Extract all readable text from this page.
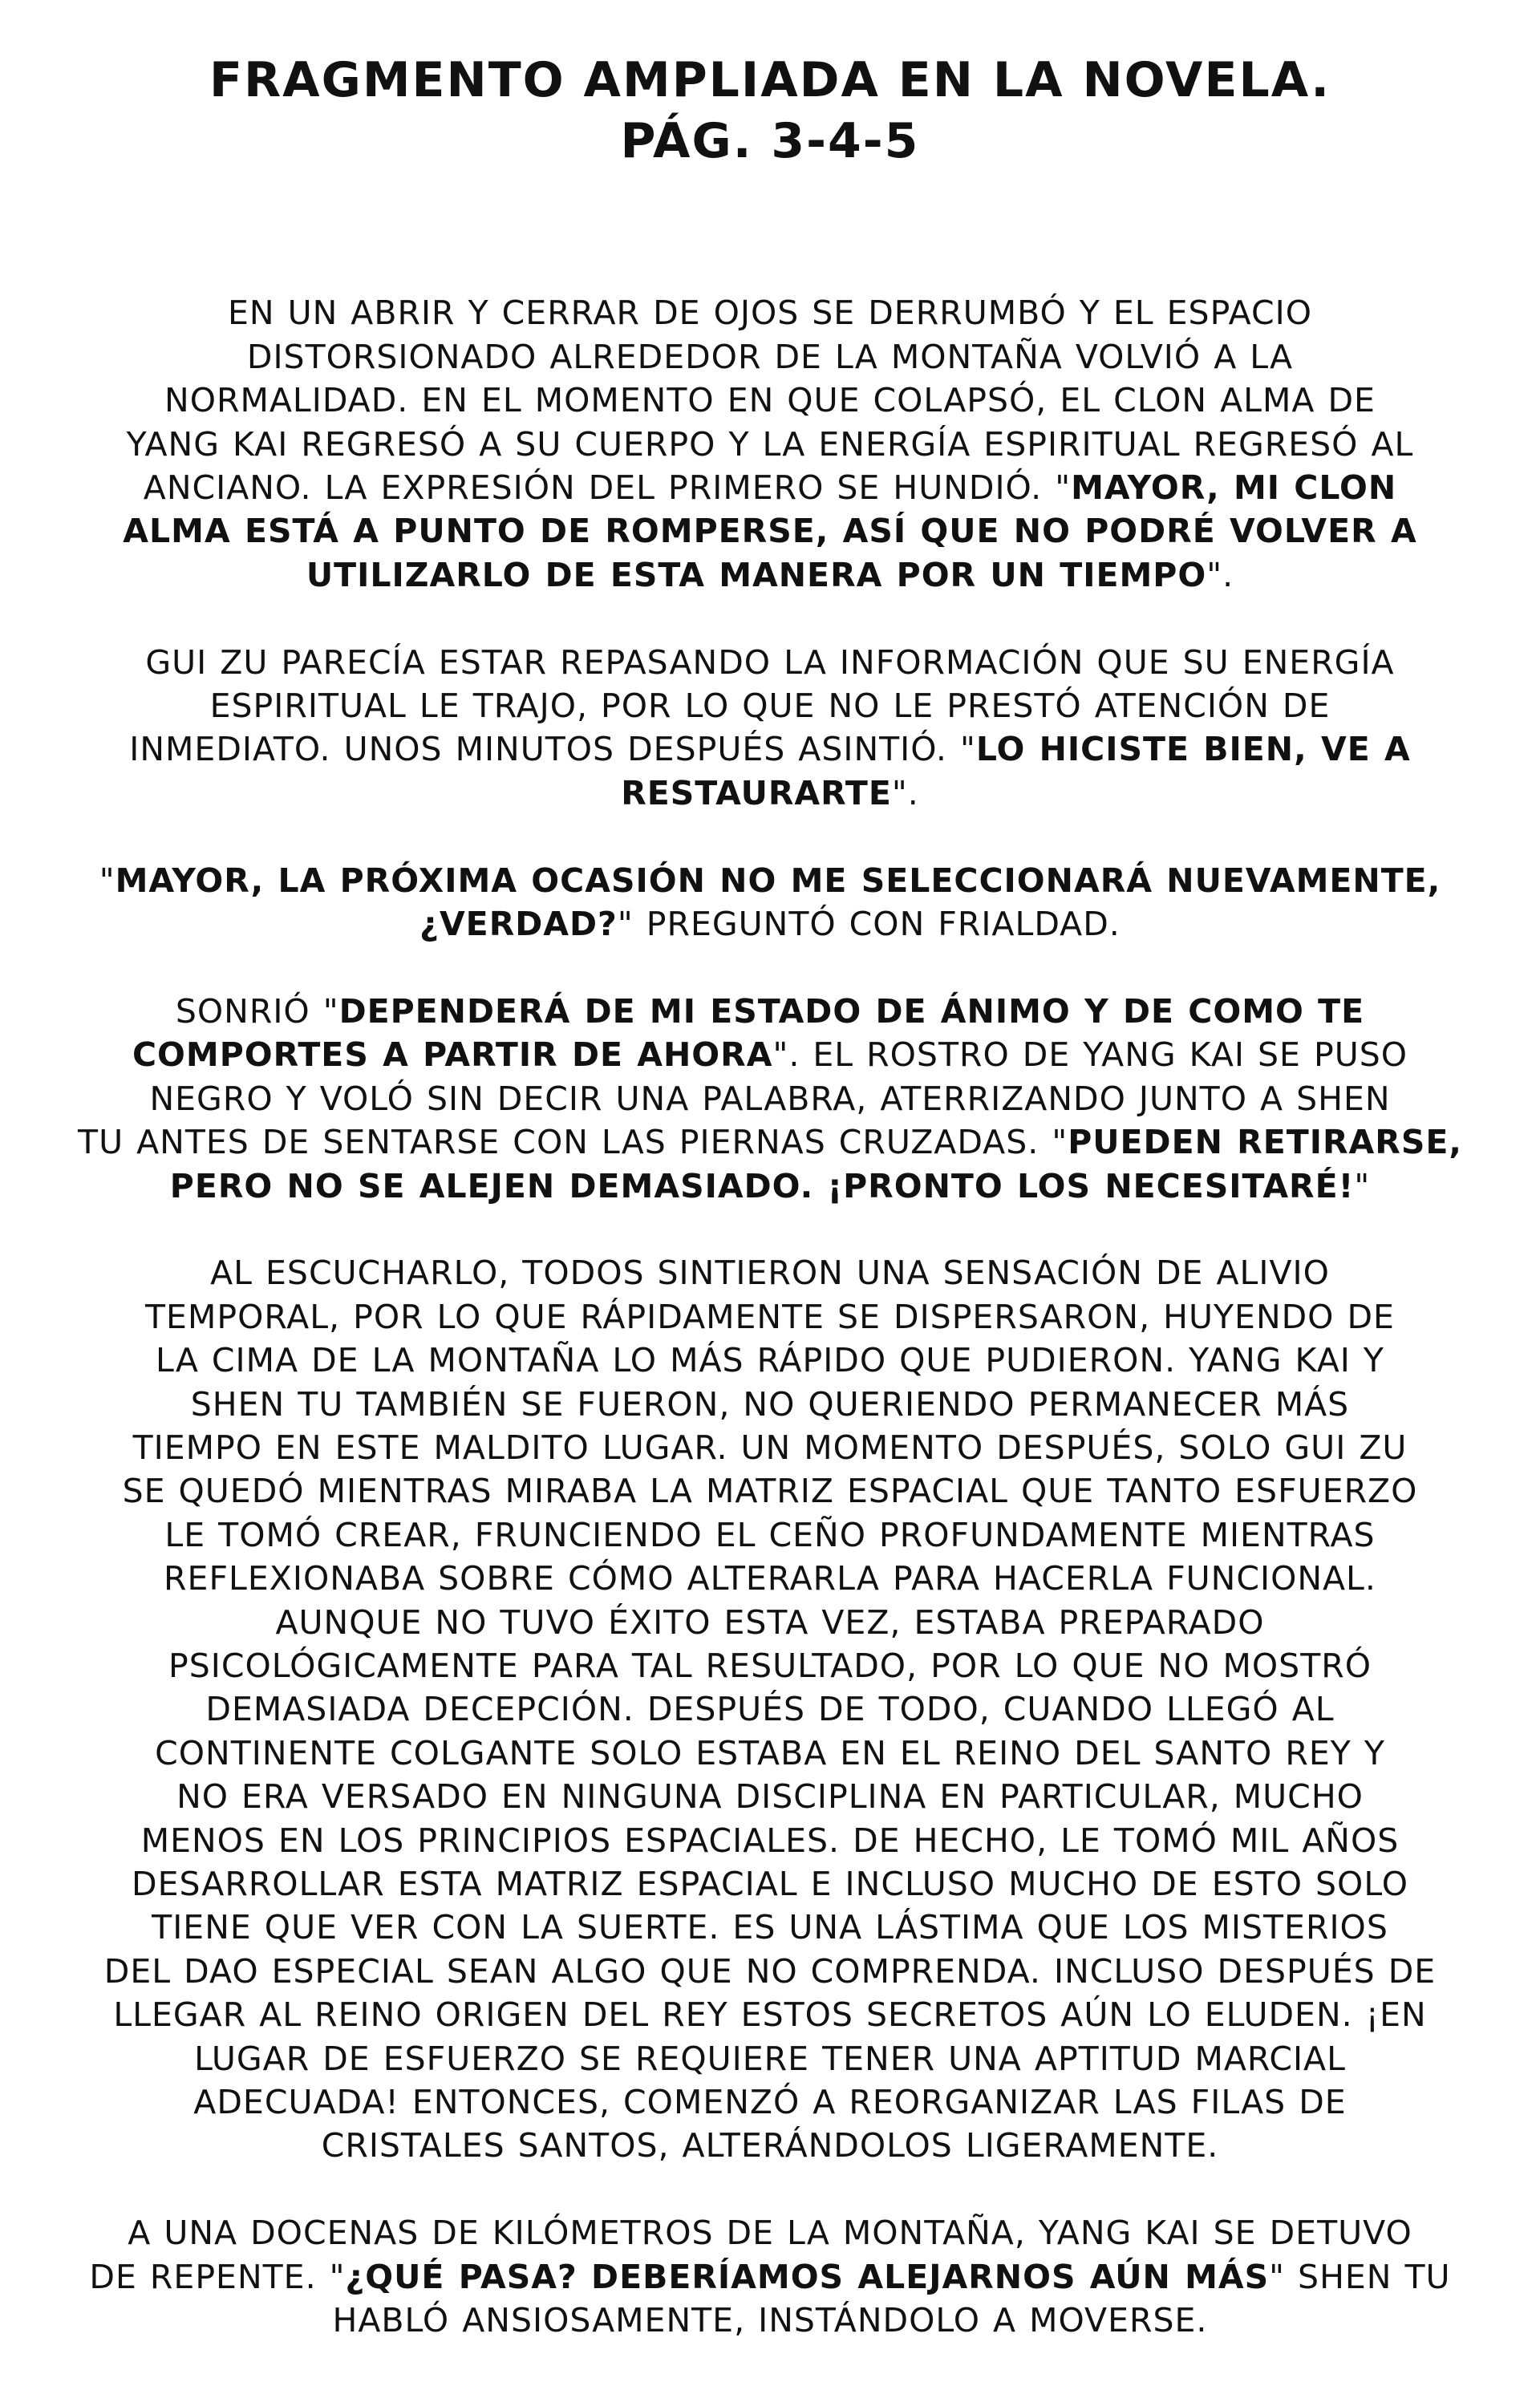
FRAGMENTO AMPLIADA EN LA NOVELA.
PÁG. 3-4-5

EN UN ABRIR Y CERRAR DE OJOS SE DERRUMBÓ Y EL ESPACIO
DISTORSIONADO ALREDEDOR DE LA MONTAÑA VOLVIÓ A LA
NORMALIDAD. EN EL MOMENTO EN QUE COLAPSÓ, EL CLON ALMA DE
YANG KAI REGRESÓ A SU CUERPO Y LA ENERGÍA ESPIRITUAL REGRESÓ AL
ANCIANO. LA EXPRESIÓN DEL PRIMERO SE HUNDIÓ. "MAYOR, MI CLON
ALMA ESTÁ A PUNTO DE ROMPERSE, ASÍ QUE NO PODRÉ VOLVER A
UTILIZARLO DE ESTA MANERA POR UN TIEMPO".

GUI ZU PARECÍA ESTAR REPASANDO LA INFORMACIÓN QUE SU ENERGÍA
ESPIRITUAL LE TRAJO, POR LO QUE NO LE PRESTÓ ATENCIÓN DE
INMEDIATO. UNOS MINUTOS DESPUÉS ASINTIÓ. "LO HICISTE BIEN, VE A
RESTAURARTE".

"MAYOR, LA PRÓXIMA OCASIÓN NO ME SELECCIONARÁ NUEVAMENTE,
¿VERDAD?" PREGUNTÓ CON FRIALDAD.

SONRIÓ "DEPENDERÁ DE MI ESTADO DE ÁNIMO Y DE COMO TE
COMPORTES A PARTIR DE AHORA". EL ROSTRO DE YANG KAI SE PUSO
NEGRO Y VOLÓ SIN DECIR UNA PALABRA, ATERRIZANDO JUNTO A SHEN
TU ANTES DE SENTARSE CON LAS PIERNAS CRUZADAS. "PUEDEN RETIRARSE,
PERO NO SE ALEJEN DEMASIADO. ¡PRONTO LOS NECESITARÉ!"

AL ESCUCHARLO, TODOS SINTIERON UNA SENSACIÓN DE ALIVIO
TEMPORAL, POR LO QUE RÁPIDAMENTE SE DISPERSARON, HUYENDO DE
LA CIMA DE LA MONTAÑA LO MÁS RÁPIDO QUE PUDIERON. YANG KAI Y
SHEN TU TAMBIÉN SE FUERON, NO QUERIENDO PERMANECER MÁS
TIEMPO EN ESTE MALDITO LUGAR. UN MOMENTO DESPUÉS, SOLO GUI ZU
SE QUEDÓ MIENTRAS MIRABA LA MATRIZ ESPACIAL QUE TANTO ESFUERZO
LE TOMÓ CREAR, FRUNCIENDO EL CEÑO PROFUNDAMENTE MIENTRAS
REFLEXIONABA SOBRE CÓMO ALTERARLA PARA HACERLA FUNCIONAL.
AUNQUE NO TUVO ÉXITO ESTA VEZ, ESTABA PREPARADO
PSICOLÓGICAMENTE PARA TAL RESULTADO, POR LO QUE NO MOSTRÓ
DEMASIADA DECEPCIÓN. DESPUÉS DE TODO, CUANDO LLEGÓ AL
CONTINENTE COLGANTE SOLO ESTABA EN EL REINO DEL SANTO REY Y
NO ERA VERSADO EN NINGUNA DISCIPLINA EN PARTICULAR, MUCHO
MENOS EN LOS PRINCIPIOS ESPACIALES. DE HECHO, LE TOMÓ MIL AÑOS
DESARROLLAR ESTA MATRIZ ESPACIAL E INCLUSO MUCHO DE ESTO SOLO
TIENE QUE VER CON LA SUERTE. ES UNA LÁSTIMA QUE LOS MISTERIOS
DEL DAO ESPECIAL SEAN ALGO QUE NO COMPRENDA. INCLUSO DESPUÉS DE
LLEGAR AL REINO ORIGEN DEL REY ESTOS SECRETOS AÚN LO ELUDEN. ¡EN
LUGAR DE ESFUERZO SE REQUIERE TENER UNA APTITUD MARCIAL
ADECUADA! ENTONCES, COMENZÓ A REORGANIZAR LAS FILAS DE
CRISTALES SANTOS, ALTERÁNDOLOS LIGERAMENTE.

A UNA DOCENAS DE KILÓMETROS DE LA MONTAÑA, YANG KAI SE DETUVO
DE REPENTE. "¿QUÉ PASA? DEBERÍAMOS ALEJARNOS AÚN MÁS" SHEN TU
HABLÓ ANSIOSAMENTE, INSTÁNDOLO A MOVERSE.
